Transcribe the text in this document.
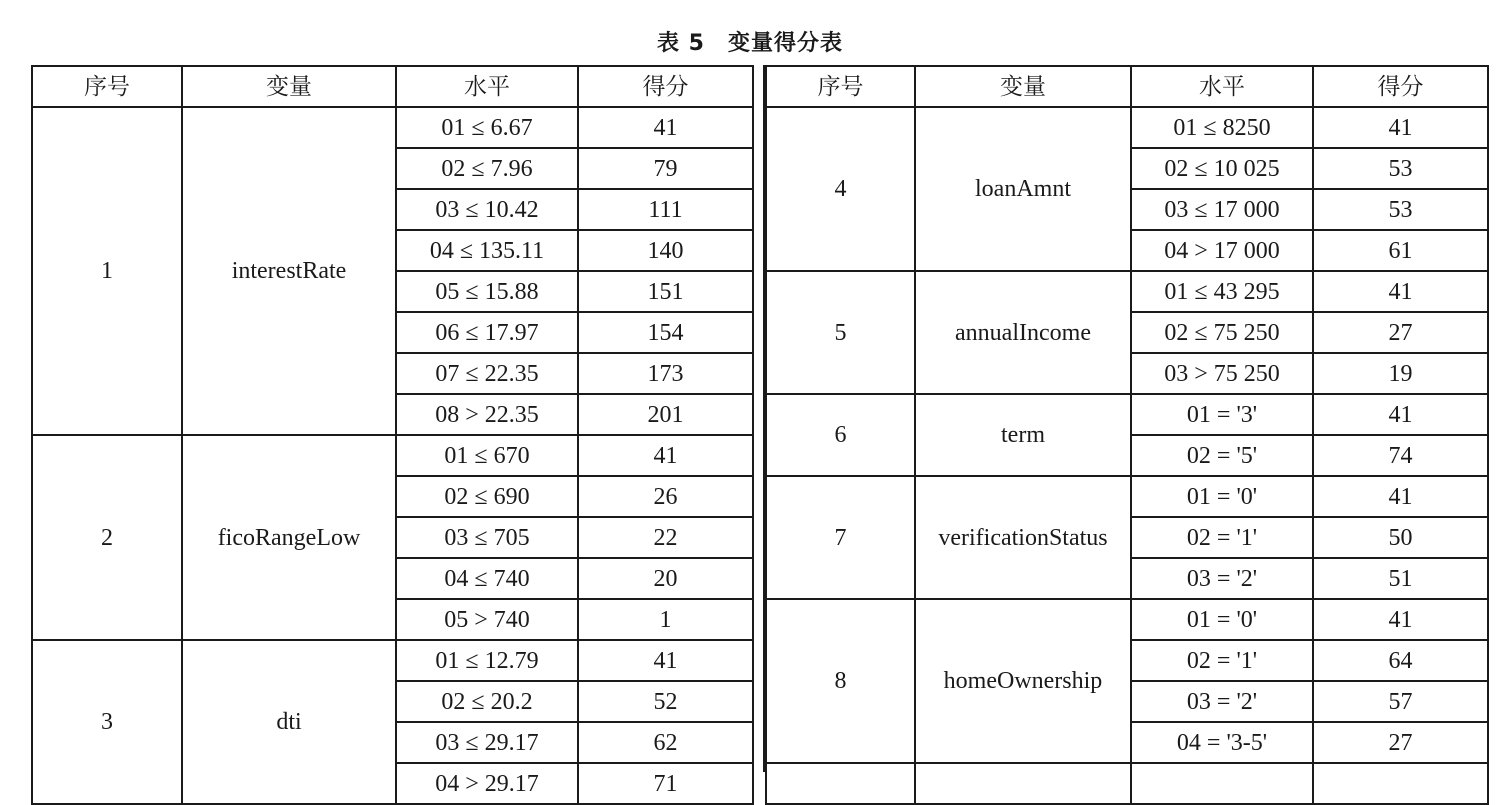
表 5　变量得分表
序号	变量	水平	得分
1	interestRate	01 ≤ 6.67	41
		02 ≤ 7.96	79
		03 ≤ 10.42	111
		04 ≤ 135.11	140
		05 ≤ 15.88	151
		06 ≤ 17.97	154
		07 ≤ 22.35	173
		08 > 22.35	201
2	ficoRangeLow	01 ≤ 670	41
		02 ≤ 690	26
		03 ≤ 705	22
		04 ≤ 740	20
		05 > 740	1
3	dti	01 ≤ 12.79	41
		02 ≤ 20.2	52
		03 ≤ 29.17	62
		04 > 29.17	71
序号	变量	水平	得分
4	loanAmnt	01 ≤ 8250	41
		02 ≤ 10 025	53
		03 ≤ 17 000	53
		04 > 17 000	61
5	annualIncome	01 ≤ 43 295	41
		02 ≤ 75 250	27
		03 > 75 250	19
6	term	01 = '3'	41
		02 = '5'	74
7	verificationStatus	01 = '0'	41
		02 = '1'	50
		03 = '2'	51
8	homeOwnership	01 = '0'	41
		02 = '1'	64
		03 = '2'	57
		04 = '3-5'	27
